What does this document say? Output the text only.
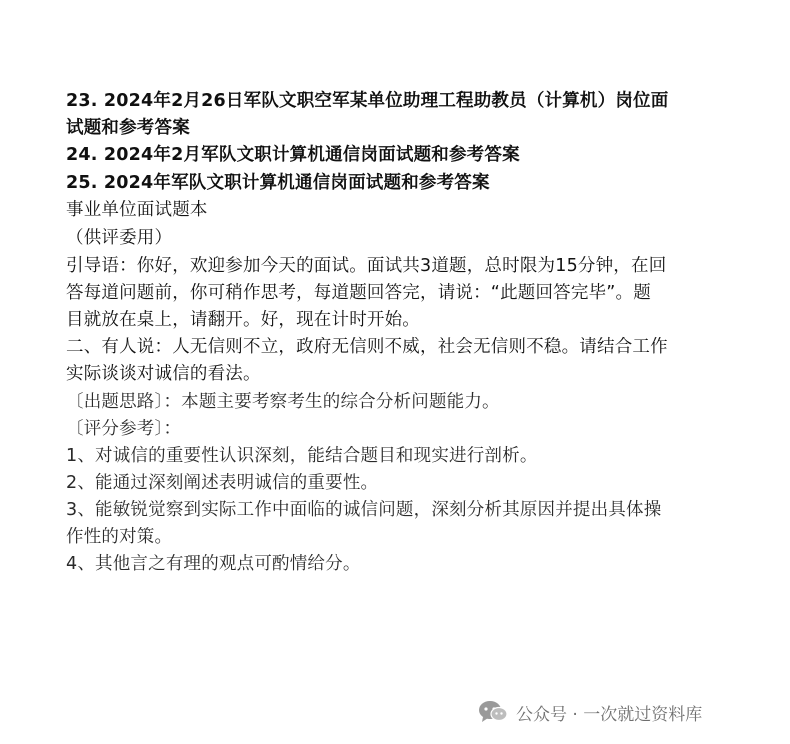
23. 2024年2月26日军队文职空军某单位助理工程助教员（计算机）岗位面
试题和参考答案
24. 2024年2月军队文职计算机通信岗面试题和参考答案
25. 2024年军队文职计算机通信岗面试题和参考答案
事业单位面试题本
（供评委用）
引导语：你好，欢迎参加今天的面试。面试共3道题，总时限为15分钟，在回
答每道问题前，你可稍作思考，每道题回答完，请说：“此题回答完毕”。题
目就放在桌上，请翻开。好，现在计时开始。
二、有人说：人无信则不立，政府无信则不威，社会无信则不稳。请结合工作
实际谈谈对诚信的看法。
〔出题思路〕：本题主要考察考生的综合分析问题能力。
〔评分参考〕：
1、对诚信的重要性认识深刻，能结合题目和现实进行剖析。
2、能通过深刻阐述表明诚信的重要性。
3、能敏锐觉察到实际工作中面临的诚信问题，深刻分析其原因并提出具体操
作性的对策。
4、其他言之有理的观点可酌情给分。
公众号 · 一次就过资料库
